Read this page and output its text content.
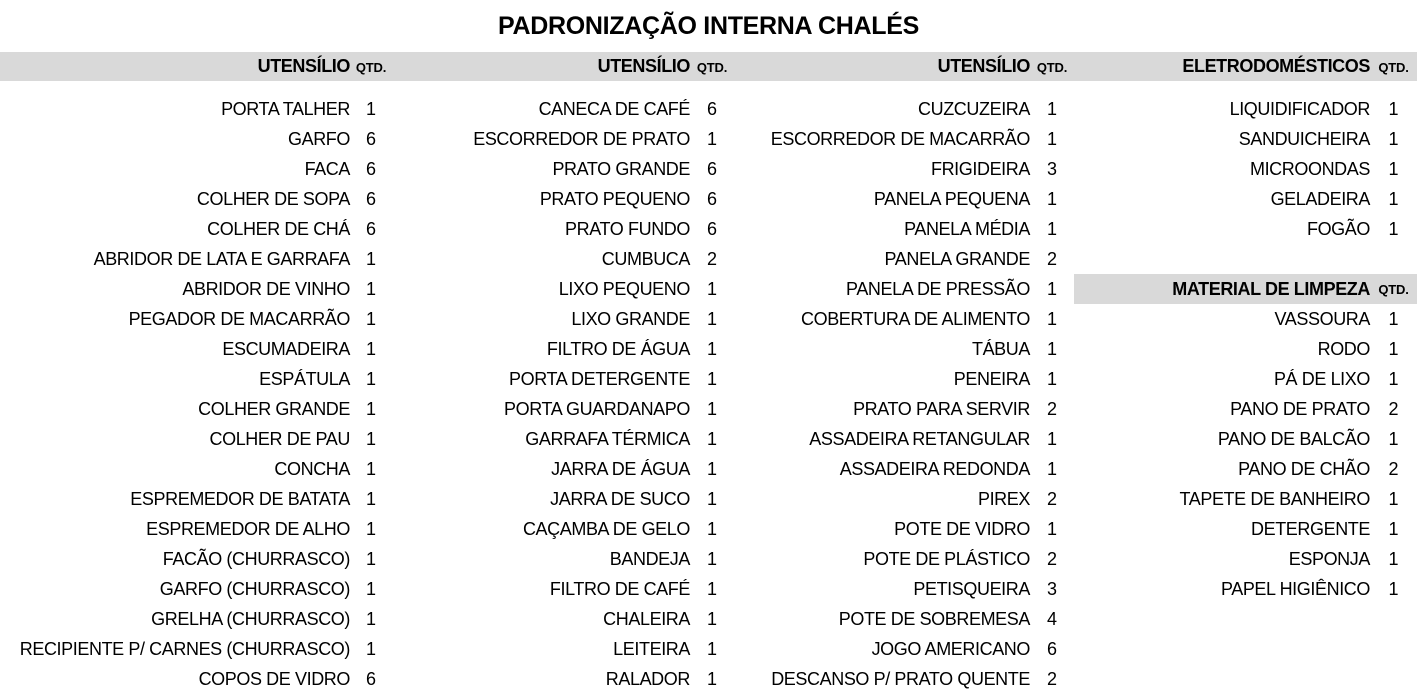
PADRONIZAÇÃO INTERNA CHALÉS
UTENSÍLIO QTD.	UTENSÍLIO QTD.	UTENSÍLIO QTD.	ELETRODOMÉSTICOS QTD.
PORTA TALHER 1
GARFO 6
FACA 6
COLHER DE SOPA 6
COLHER DE CHÁ 6
ABRIDOR DE LATA E GARRAFA 1
ABRIDOR DE VINHO 1
PEGADOR DE MACARRÃO 1
ESCUMADEIRA 1
ESPÁTULA 1
COLHER GRANDE 1
COLHER DE PAU 1
CONCHA 1
ESPREMEDOR DE BATATA 1
ESPREMEDOR DE ALHO 1
FACÃO (CHURRASCO) 1
GARFO (CHURRASCO) 1
GRELHA (CHURRASCO) 1
RECIPIENTE P/ CARNES (CHURRASCO) 1
COPOS DE VIDRO 6
CANECA DE CAFÉ 6
ESCORREDOR DE PRATO 1
PRATO GRANDE 6
PRATO PEQUENO 6
PRATO FUNDO 6
CUMBUCA 2
LIXO PEQUENO 1
LIXO GRANDE 1
FILTRO DE ÁGUA 1
PORTA DETERGENTE 1
PORTA GUARDANAPO 1
GARRAFA TÉRMICA 1
JARRA DE ÁGUA 1
JARRA DE SUCO 1
CAÇAMBA DE GELO 1
BANDEJA 1
FILTRO DE CAFÉ 1
CHALEIRA 1
LEITEIRA 1
RALADOR 1
CUZCUZEIRA 1
ESCORREDOR DE MACARRÃO 1
FRIGIDEIRA 3
PANELA PEQUENA 1
PANELA MÉDIA 1
PANELA GRANDE 2
PANELA DE PRESSÃO 1
COBERTURA DE ALIMENTO 1
TÁBUA 1
PENEIRA 1
PRATO PARA SERVIR 2
ASSADEIRA RETANGULAR 1
ASSADEIRA REDONDA 1
PIREX 2
POTE DE VIDRO 1
POTE DE PLÁSTICO 2
PETISQUEIRA 3
POTE DE SOBREMESA 4
JOGO AMERICANO 6
DESCANSO P/ PRATO QUENTE 2
LIQUIDIFICADOR	1
SANDUICHEIRA	1
MICROONDAS	1
GELADEIRA	1
FOGÃO	1
MATERIAL DE LIMPEZA QTD.
VASSOURA	1
RODO	1
PÁ DE LIXO	1
PANO DE PRATO	2
PANO DE BALCÃO	1
PANO DE CHÃO	2
TAPETE DE BANHEIRO	1
DETERGENTE	1
ESPONJA	1
PAPEL HIGIÊNICO	1
